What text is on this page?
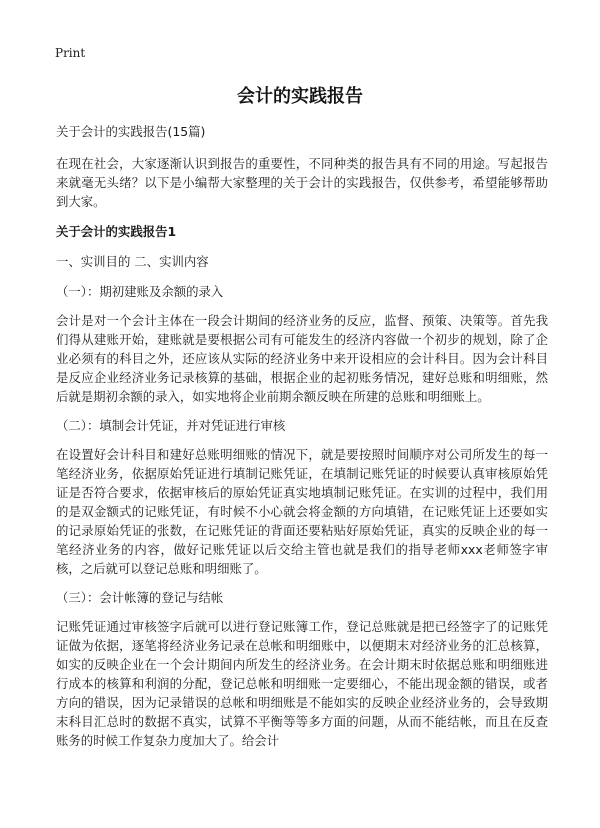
Print
会计的实践报告
关于会计的实践报告(15篇)
在现在社会，大家逐渐认识到报告的重要性，不同种类的报告具有不同的用途。写起报告来就毫无头绪？以下是小编帮大家整理的关于会计的实践报告，仅供参考，希望能够帮助到大家。
关于会计的实践报告1
一、实训目的 二、实训内容
（一）：期初建账及余额的录入
会计是对一个会计主体在一段会计期间的经济业务的反应，监督、预策、决策等。首先我们得从建账开始，建账就是要根据公司有可能发生的经济内容做一个初步的规划，除了企业必须有的科目之外，还应该从实际的经济业务中来开设相应的会计科目。因为会计科目是反应企业经济业务记录核算的基础，根据企业的起初账务情况，建好总账和明细账，然后就是期初余额的录入，如实地将企业前期余额反映在所建的总账和明细账上。
（二）：填制会计凭证，并对凭证进行审核
在设置好会计科目和建好总账明细账的情况下，就是要按照时间顺序对公司所发生的每一笔经济业务，依据原始凭证进行填制记账凭证，在填制记账凭证的时候要认真审核原始凭证是否符合要求，依据审核后的原始凭证真实地填制记账凭证。在实训的过程中，我们用的是双金额式的记账凭证，有时候不小心就会将金额的方向填错，在记账凭证上还要如实的记录原始凭证的张数，在记账凭证的背面还要粘贴好原始凭证，真实的反映企业的每一笔经济业务的内容，做好记账凭证以后交给主管也就是我们的指导老师xxx老师签字审核，之后就可以登记总账和明细账了。
（三）：会计帐簿的登记与结帐
记账凭证通过审核签字后就可以进行登记账簿工作，登记总账就是把已经签字了的记账凭证做为依据，逐笔将经济业务记录在总帐和明细账中，以便期末对经济业务的汇总核算，如实的反映企业在一个会计期间内所发生的经济业务。在会计期末时依据总账和明细账进行成本的核算和利润的分配，登记总帐和明细账一定要细心，不能出现金额的错误，或者方向的错误，因为记录错误的总帐和明细账是不能如实的反映企业经济业务的，会导致期末科目汇总时的数据不真实，试算不平衡等等多方面的问题，从而不能结帐，而且在反查账务的时候工作复杂力度加大了。给会计
